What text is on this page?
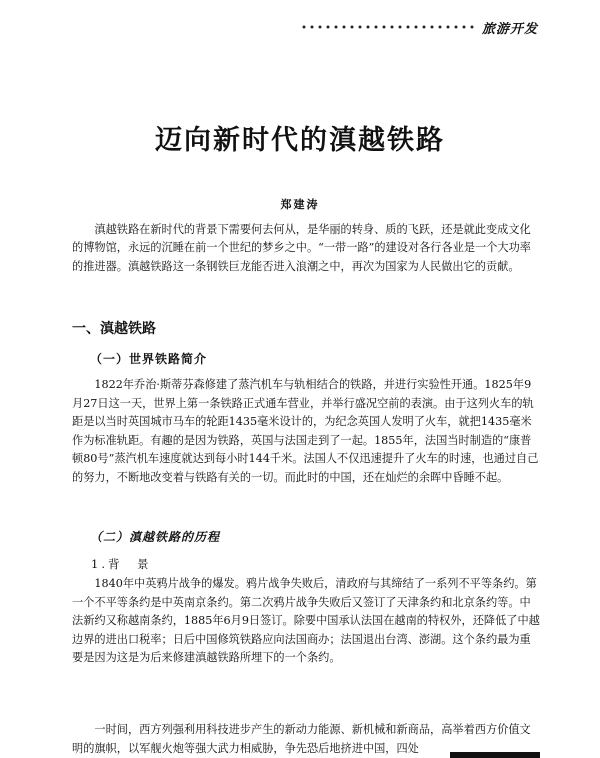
旅游开发
迈向新时代的滇越铁路
郑建涛

滇越铁路在新时代的背景下需要何去何从，是华丽的转身、质的飞跃，还是就此变成文化的博物馆，永远的沉睡在前一个世纪的梦乡之中。“一带一路”的建设对各行各业是一个大功率的推进器。滇越铁路这一条钢铁巨龙能否进入浪潮之中，再次为国家为人民做出它的贡献。

一、滇越铁路
（一）世界铁路简介

1822年乔治·斯蒂芬森修建了蒸汽机车与轨相结合的铁路，并进行实验性开通。1825年9月27日这一天，世界上第一条铁路正式通车营业，并举行盛况空前的表演。由于这列火车的轨距是以当时英国城市马车的轮距1435毫米设计的，为纪念英国人发明了火车，就把1435毫米作为标准轨距。有趣的是因为铁路，英国与法国走到了一起。1855年，法国当时制造的“康普顿80号”蒸汽机车速度就达到每小时144千米。法国人不仅迅速提升了火车的时速，也通过自己的努力，不断地改变着与铁路有关的一切。而此时的中国，还在灿烂的余晖中昏睡不起。

（二）滇越铁路的历程
1.背　景

1840年中英鸦片战争的爆发。鸦片战争失败后，清政府与其缔结了一系列不平等条约。第一个不平等条约是中英南京条约。第二次鸦片战争失败后又签订了天津条约和北京条约等。中法新约又称越南条约，1885年6月9日签订。除要中国承认法国在越南的特权外，还降低了中越边界的进出口税率；日后中国修筑铁路应向法国商办；法国退出台湾、澎湖。这个条约最为重要是因为这是为后来修建滇越铁路所埋下的一个条约。

一时间，西方列强利用科技进步产生的新动力能源、新机械和新商品，高举着西方价值文明的旗帜，以军舰火炮等强大武力相威胁，争先恐后地挤进中国，四处
